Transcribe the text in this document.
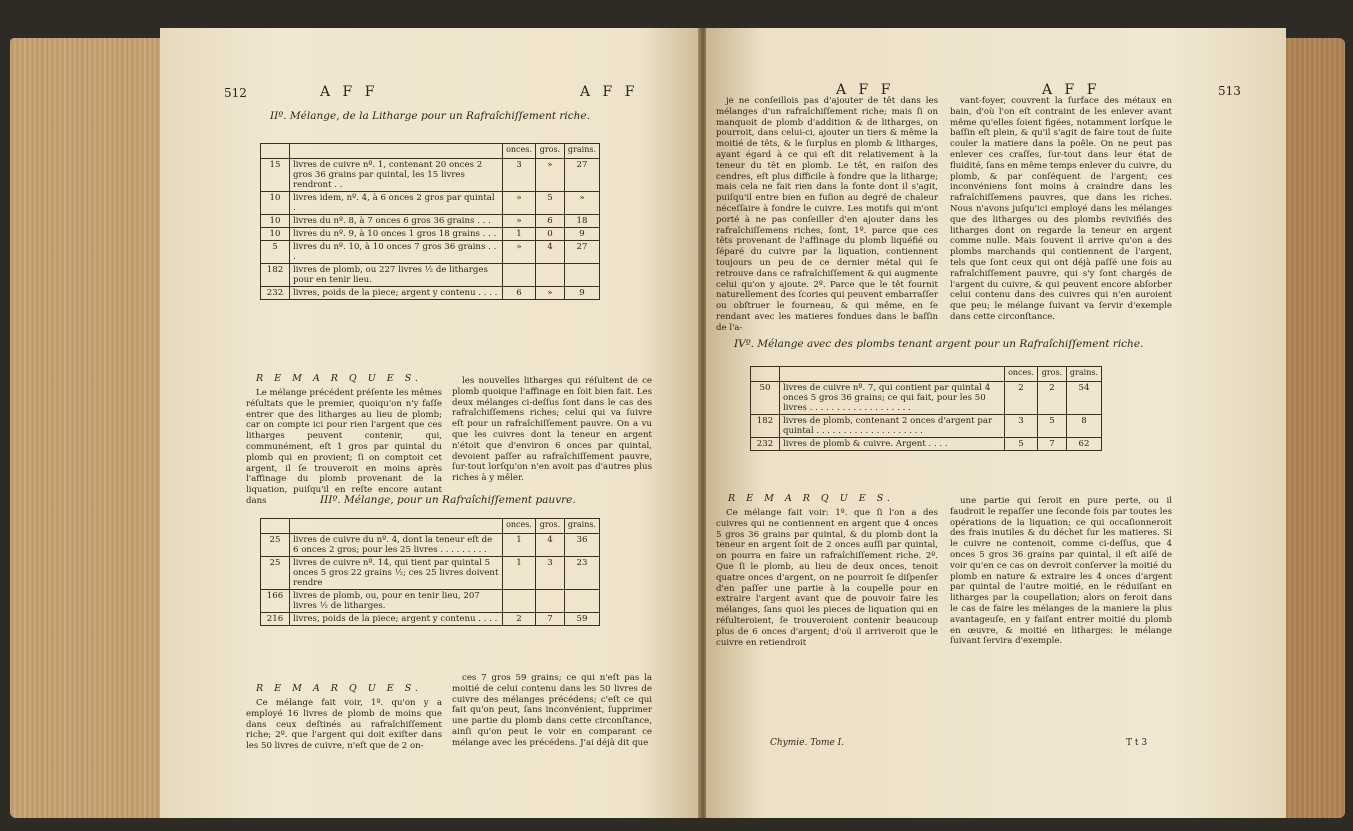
512	A F F	A F F
IIº. Mélange, de la Litharge pour un Rafraîchiſſement riche.
		onces.	gros.	grains.
15	livres de cuivre nº. 1, contenant 20 onces 2 gros 36 grains par quintal, les 15 livres rendront . .	3	»	27
10	livres idem, nº. 4, à 6 onces 2 gros par quintal .	»	5	»
10	livres du nº. 8, à 7 onces 6 gros 36 grains . . .	»	6	18
10	livres du nº. 9, à 10 onces 1 gros 18 grains . . .	1	0	9
5	livres du nº. 10, à 10 onces 7 gros 36 grains . . .	»	4	27
182	livres de plomb, ou 227 livres ½ de litharges pour en tenir lieu.			
232	livres, poids de la piece; argent y contenu . . . .	6	»	9
R E M A R Q U E S.

Le mélange précédent préſente les mêmes réſultats que le premier, quoiqu'on n'y faſſe entrer que des litharges au lieu de plomb; car on compte ici pour rien l'argent que ces litharges peuvent contenir, qui, communément, eſt 1 gros par quintal du plomb qui en provient; ſi on comptoit cet argent, il ſe trouveroit en moins après l'affinage du plomb provenant de la liquation, puiſqu'il en reſte encore autant dans

les nouvelles litharges qui réſultent de ce plomb quoique l'affinage en ſoit bien fait. Les deux mélanges ci-deſſus ſont dans le cas des rafraîchiſſemens riches; celui qui va ſuivre eſt pour un rafraîchiſſement pauvre. On a vu que les cuivres dont la teneur en argent n'étoit que d'environ 6 onces par quintal, devoient paſſer au rafraîchiſſement pauvre, ſur-tout lorſqu'on n'en avoit pas d'autres plus riches à y mêler.

IIIº. Mélange, pour un Rafraîchiſſement pauvre.
		onces.	gros.	grains.
25	livres de cuivre du nº. 4, dont la teneur eſt de 6 onces 2 gros; pour les 25 livres . . . . . . . . .	1	4	36
25	livres de cuivre nº. 14, qui tient par quintal 5 onces 5 gros 22 grains ½; ces 25 livres doivent rendre	1	3	23
166	livres de plomb, ou, pour en tenir lieu, 207 livres ½ de litharges.			
216	livres, poids de la piece; argent y contenu . . . .	2	7	59
R E M A R Q U E S.

Ce mélange fait voir, 1º. qu'on y a employé 16 livres de plomb de moins que dans ceux deſtinés au rafraîchiſſement riche; 2º. que l'argent qui doit exiſter dans les 50 livres de cuivre, n'eſt que de 2 on-

ces 7 gros 59 grains; ce qui n'eſt pas la moitié de celui contenu dans les 50 livres de cuivre des mélanges précédens; c'eſt ce qui fait qu'on peut, ſans inconvénient, ſupprimer une partie du plomb dans cette circonſtance, ainſi qu'on peut le voir en comparant ce mélange avec les précédens. J'ai déjà dit que

A F F	A F F	513

je ne conſeillois pas d'ajouter de têt dans les mélanges d'un rafraîchiſſement riche; mais ſi on manquoit de plomb d'addition & de litharges, on pourroit, dans celui-ci, ajouter un tiers & même la moitié de têts, & le ſurplus en plomb & litharges, ayant égard à ce qui eſt dit relativement à la teneur du têt en plomb. Le têt, en raiſon des cendres, eſt plus difficile à fondre que la litharge; mais cela ne fait rien dans la fonte dont il s'agit, puiſqu'il entre bien en fuſion au degré de chaleur néceſſaire à fondre le cuivre. Les motifs qui m'ont porté à ne pas conſeiller d'en ajouter dans les rafraîchiſſemens riches, ſont, 1º. parce que ces têts provenant de l'affinage du plomb liquéfié ou ſéparé du cuivre par la liquation, contiennent toujours un peu de ce dernier métal qui ſe retrouve dans ce rafraîchiſſement & qui augmente celui qu'on y ajoute. 2º. Parce que le têt fournit naturellement des ſcories qui peuvent embarraſſer ou obſtruer le fourneau, & qui même, en ſe rendant avec les matieres fondues dans le baſſin de l'a-

vant-foyer, couvrent la ſurface des métaux en bain, d'où l'on eſt contraint de les enlever avant même qu'elles ſoient figées, notamment lorſque le baſſin eſt plein, & qu'il s'agit de faire tout de ſuite couler la matiere dans la poêle. On ne peut pas enlever ces craſſes, ſur-tout dans leur état de fluidité, ſans en même temps enlever du cuivre, du plomb, & par conſéquent de l'argent; ces inconvéniens ſont moins à craindre dans les rafraîchiſſemens pauvres, que dans les riches. Nous n'avons juſqu'ici employé dans les mélanges que des litharges ou des plombs revivifiés des litharges dont on regarde la teneur en argent comme nulle. Mais ſouvent il arrive qu'on a des plombs marchands qui contiennent de l'argent, tels que ſont ceux qui ont déjà paſſé une fois au rafraîchiſſement pauvre, qui s'y ſont chargés de l'argent du cuivre, & qui peuvent encore abſorber celui contenu dans des cuivres qui n'en auroient que peu; le mélange ſuivant va ſervir d'exemple dans cette circonſtance.

IVº. Mélange avec des plombs tenant argent pour un Rafraîchiſſement riche.
		onces.	gros.	grains.
50	livres de cuivre nº. 7, qui contient par quintal 4 onces 5 gros 36 grains; ce qui fait, pour les 50 livres . . . . . . . . . . . . . . . . . . .	2	2	54
182	livres de plomb, contenant 2 onces d'argent par quintal . . . . . . . . . . . . . . . . . . . .	3	5	8
232	livres de plomb & cuivre. Argent . . . .	5	7	62
R E M A R Q U E S.

Ce mélange fait voir: 1º. que ſi l'on a des cuivres qui ne contiennent en argent que 4 onces 5 gros 36 grains par quintal, & du plomb dont la teneur en argent ſoit de 2 onces auſſi par quintal, on pourra en faire un rafraîchiſſement riche. 2º. Que ſi le plomb, au lieu de deux onces, tenoit quatre onces d'argent, on ne pourroit ſe diſpenſer d'en paſſer une partie à la coupelle pour en extraire l'argent avant que de pouvoir faire les mélanges, ſans quoi les pieces de liquation qui en réſulteroient, ſe trouveroient contenir beaucoup plus de 6 onces d'argent; d'où il arriveroit que le cuivre en retiendroit

une partie qui ſeroit en pure perte, ou il faudroit le repaſſer une ſeconde fois par toutes les opérations de la liquation; ce qui occaſionneroit des frais inutiles & du déchet ſur les matieres. Si le cuivre ne contenoit, comme ci-deſſus, que 4 onces 5 gros 36 grains par quintal, il eſt aiſé de voir qu'en ce cas on devroit conſerver la moitié du plomb en nature & extraire les 4 onces d'argent par quintal de l'autre moitié, en le réduiſant en litharges par la coupellation; alors on feroit dans le cas de faire les mélanges de la maniere la plus avantageuſe, en y faiſant entrer moitié du plomb en œuvre, & moitié en litharges: le mélange ſuivant ſervira d'exemple.

Chymie. Tome I.	T t 3
